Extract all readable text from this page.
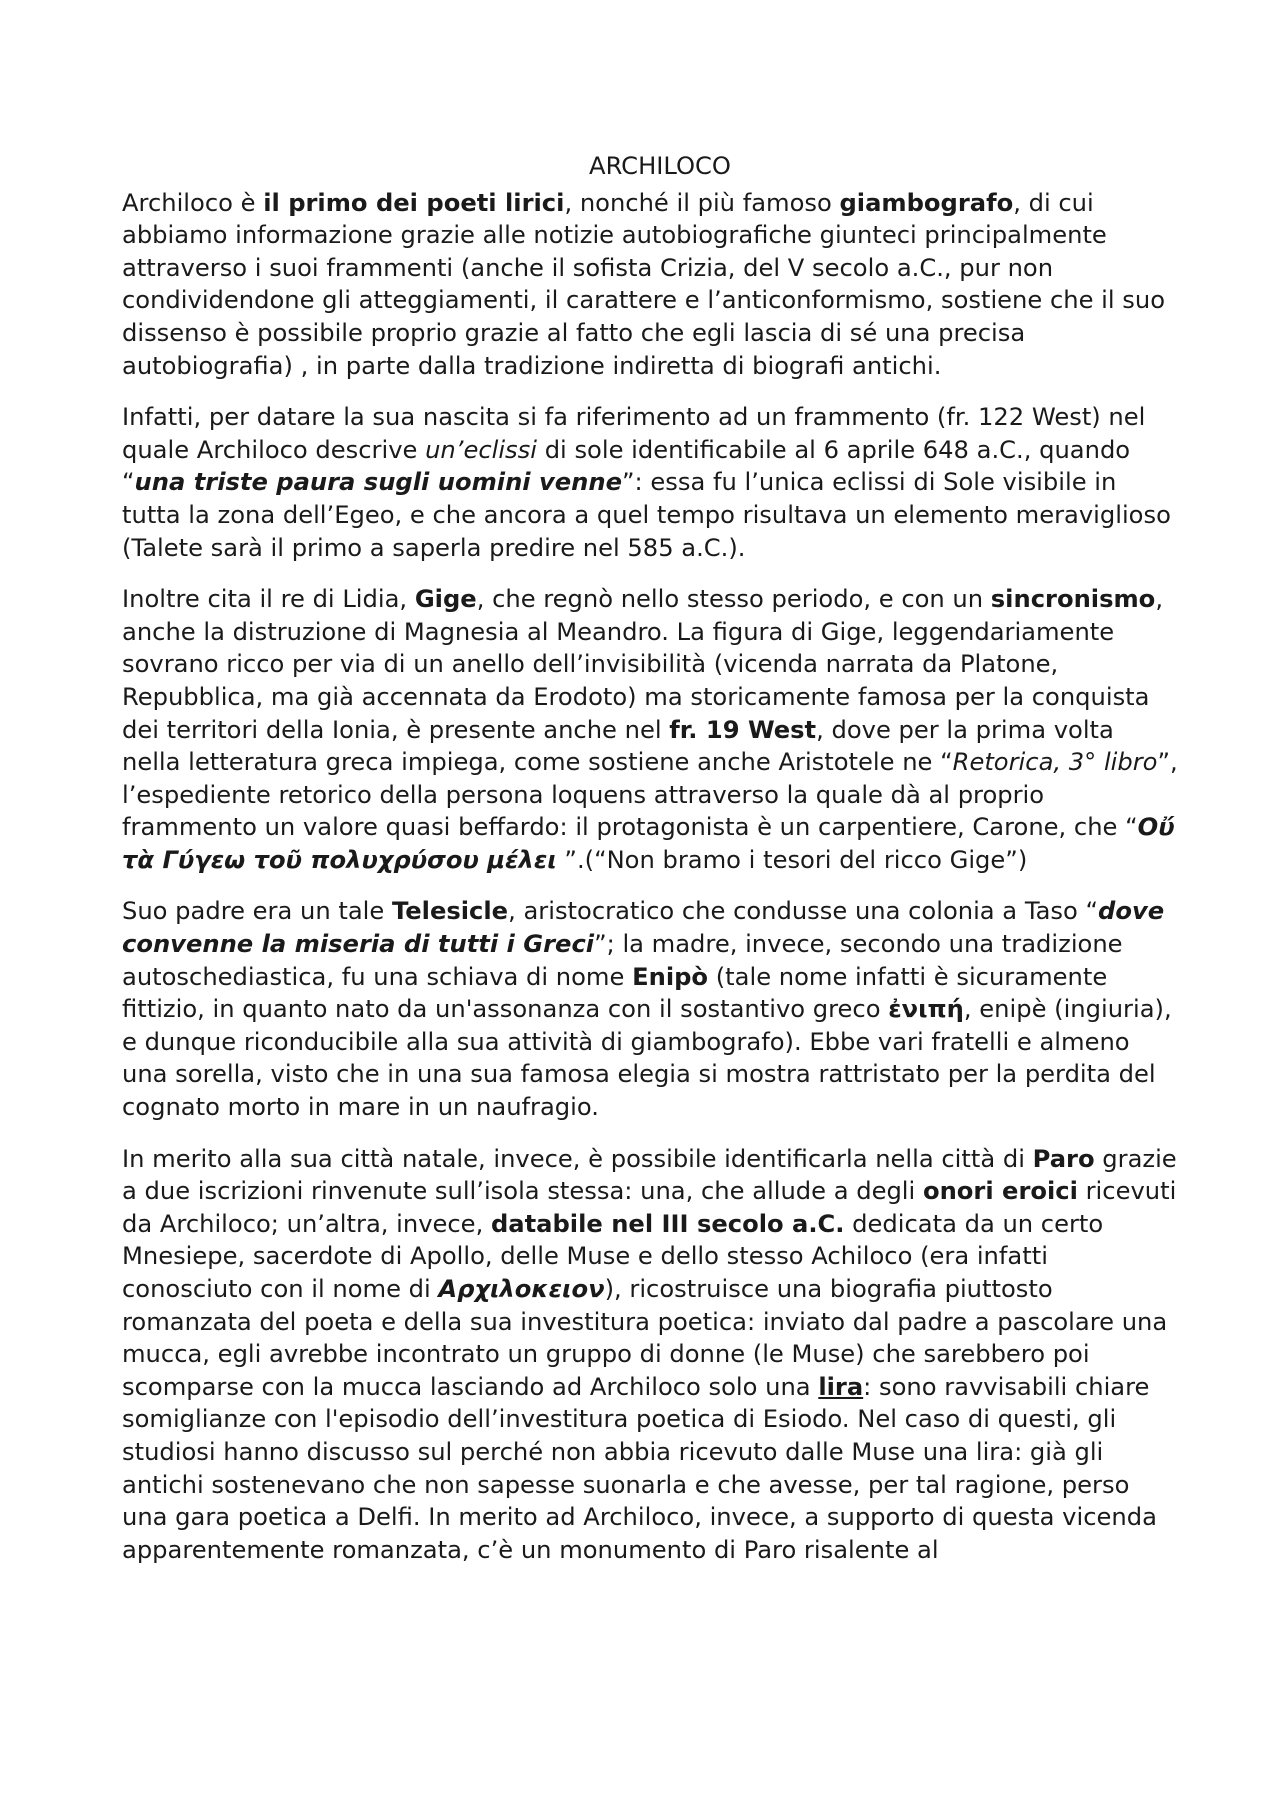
ARCHILOCO

Archiloco è il primo dei poeti lirici, nonché il più famoso giambografo, di cui abbiamo informazione grazie alle notizie autobiografiche giunteci principalmente attraverso i suoi frammenti (anche il sofista Crizia, del V secolo a.C., pur non condividendone gli atteggiamenti, il carattere e l’anticonformismo, sostiene che il suo dissenso è possibile proprio grazie al fatto che egli lascia di sé una precisa autobiografia) , in parte dalla tradizione indiretta di biografi antichi.

Infatti, per datare la sua nascita si fa riferimento ad un frammento (fr. 122 West) nel quale Archiloco descrive un’eclissi di sole identificabile al 6 aprile 648 a.C., quando “una triste paura sugli uomini venne”: essa fu l’unica eclissi di Sole visibile in tutta la zona dell’Egeo, e che ancora a quel tempo risultava un elemento meraviglioso (Talete sarà il primo a saperla predire nel 585 a.C.).

Inoltre cita il re di Lidia, Gige, che regnò nello stesso periodo, e con un sincronismo, anche la distruzione di Magnesia al Meandro. La figura di Gige, leggendariamente sovrano ricco per via di un anello dell’invisibilità (vicenda narrata da Platone, Repubblica, ma già accennata da Erodoto) ma storicamente famosa per la conquista dei territori della Ionia, è presente anche nel fr. 19 West, dove per la prima volta nella letteratura greca impiega, come sostiene anche Aristotele ne “Retorica, 3° libro”, l’espediente retorico della persona loquens attraverso la quale dà al proprio frammento un valore quasi beffardo: il protagonista è un carpentiere, Carone, che “Οὔ τὰ Γύγεω τοῦ πολυχρύσου μέλει ”.(“Non bramo i tesori del ricco Gige”)

Suo padre era un tale Telesicle, aristocratico che condusse una colonia a Taso “dove convenne la miseria di tutti i Greci”; la madre, invece, secondo una tradizione autoschediastica, fu una schiava di nome Enipò (tale nome infatti è sicuramente fittizio, in quanto nato da un'assonanza con il sostantivo greco ἐνιπή, enipè (ingiuria), e dunque riconducibile alla sua attività di giambografo). Ebbe vari fratelli e almeno una sorella, visto che in una sua famosa elegia si mostra rattristato per la perdita del cognato morto in mare in un naufragio.

In merito alla sua città natale, invece, è possibile identificarla nella città di Paro grazie a due iscrizioni rinvenute sull’isola stessa: una, che allude a degli onori eroici ricevuti da Archiloco; un’altra, invece, databile nel III secolo a.C. dedicata da un certo Mnesiepe, sacerdote di Apollo, delle Muse e dello stesso Achiloco (era infatti conosciuto con il nome di Αρχιλοκειον), ricostruisce una biografia piuttosto romanzata del poeta e della sua investitura poetica: inviato dal padre a pascolare una mucca, egli avrebbe incontrato un gruppo di donne (le Muse) che sarebbero poi scomparse con la mucca lasciando ad Archiloco solo una lira: sono ravvisabili chiare somiglianze con l'episodio dell’investitura poetica di Esiodo. Nel caso di questi, gli studiosi hanno discusso sul perché non abbia ricevuto dalle Muse una lira: già gli antichi sostenevano che non sapesse suonarla e che avesse, per tal ragione, perso una gara poetica a Delfi. In merito ad Archiloco, invece, a supporto di questa vicenda apparentemente romanzata, c’è un monumento di Paro risalente al
